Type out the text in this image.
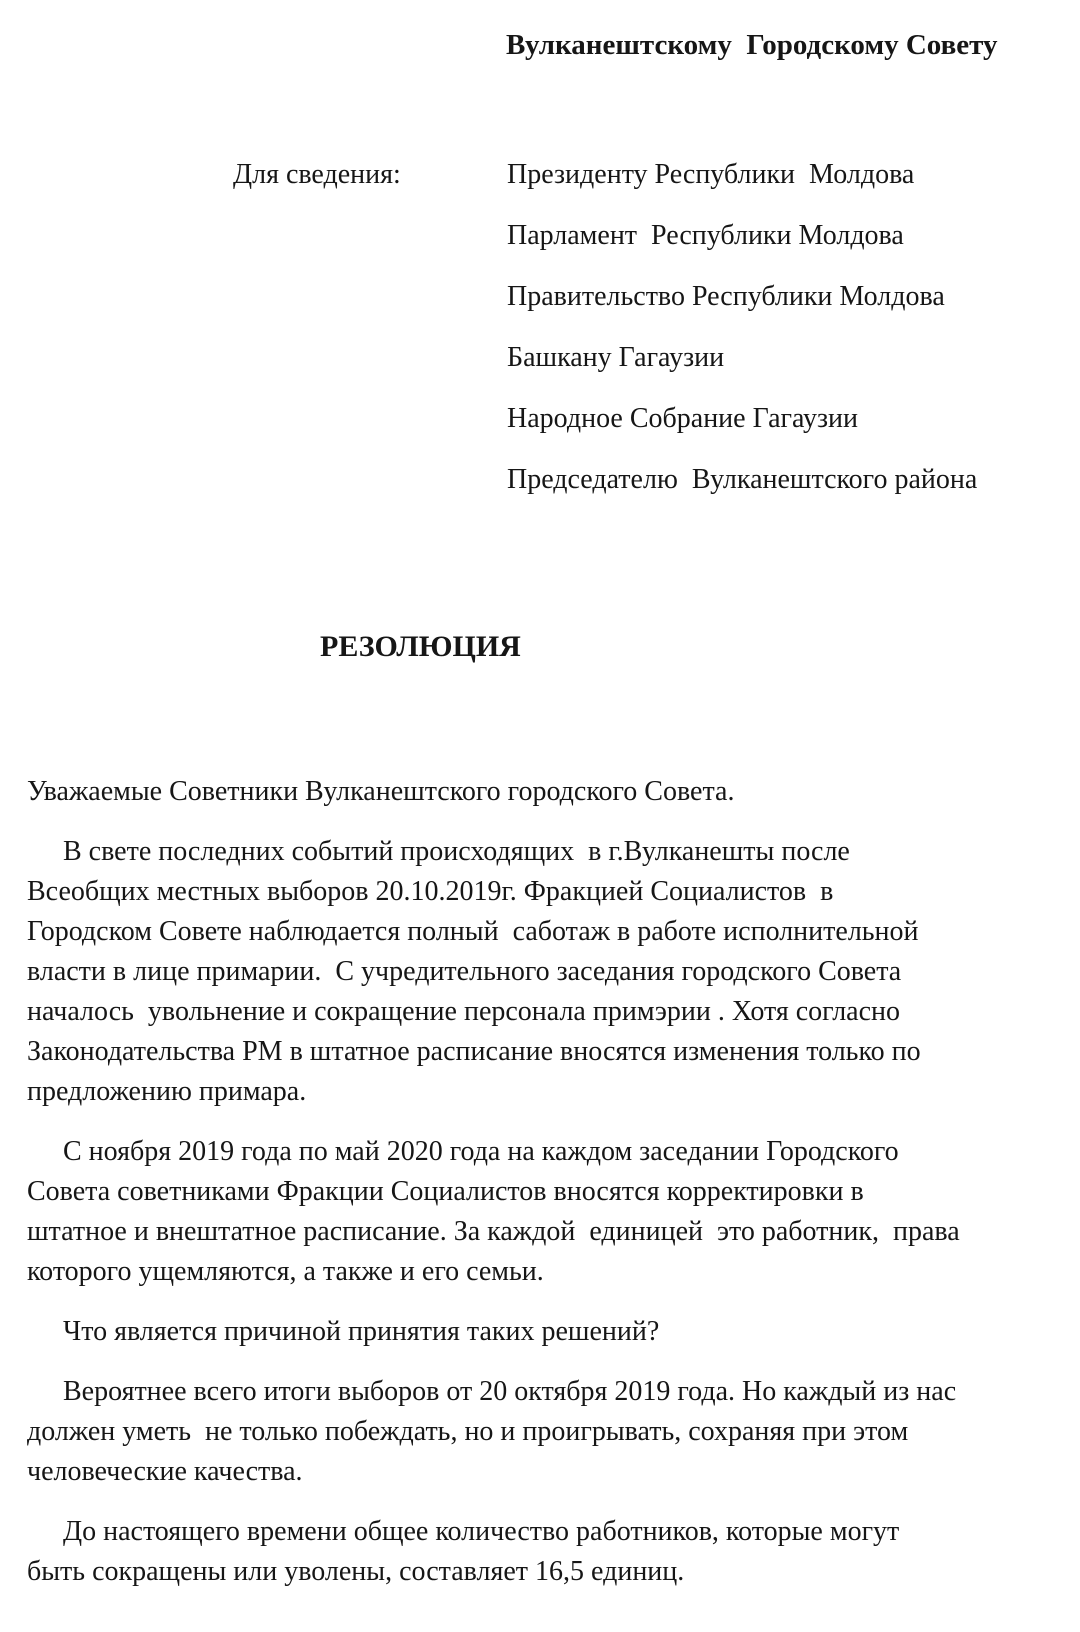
Вулканештскому  Городскому Совету
Для сведения:	Президенту Республики  Молдова
Парламент  Республики Молдова
Правительство Республики Молдова
Башкану Гагаузии
Народное Собрание Гагаузии
Председателю  Вулканештского района
РЕЗОЛЮЦИЯ

Уважаемые Советники Вулканештского городского Совета.

В свете последних событий происходящих  в г.Вулканешты после
Всеобщих местных выборов 20.10.2019г. Фракцией Социалистов  в
Городском Совете наблюдается полный  саботаж в работе исполнительной
власти в лице примарии.  С учредительного заседания городского Совета
началось  увольнение и сокращение персонала примэрии . Хотя согласно
Законодательства РМ в штатное расписание вносятся изменения только по
предложению примара.

С ноября 2019 года по май 2020 года на каждом заседании Городского
Совета советниками Фракции Социалистов вносятся корректировки в
штатное и внештатное расписание. За каждой  единицей  это работник,  права
которого ущемляются, а также и его семьи.

Что является причиной принятия таких решений?

Вероятнее всего итоги выборов от 20 октября 2019 года. Но каждый из нас
должен уметь  не только побеждать, но и проигрывать, сохраняя при этом
человеческие качества.

До настоящего времени общее количество работников, которые могут
быть сокращены или уволены, составляет 16,5 единиц.
